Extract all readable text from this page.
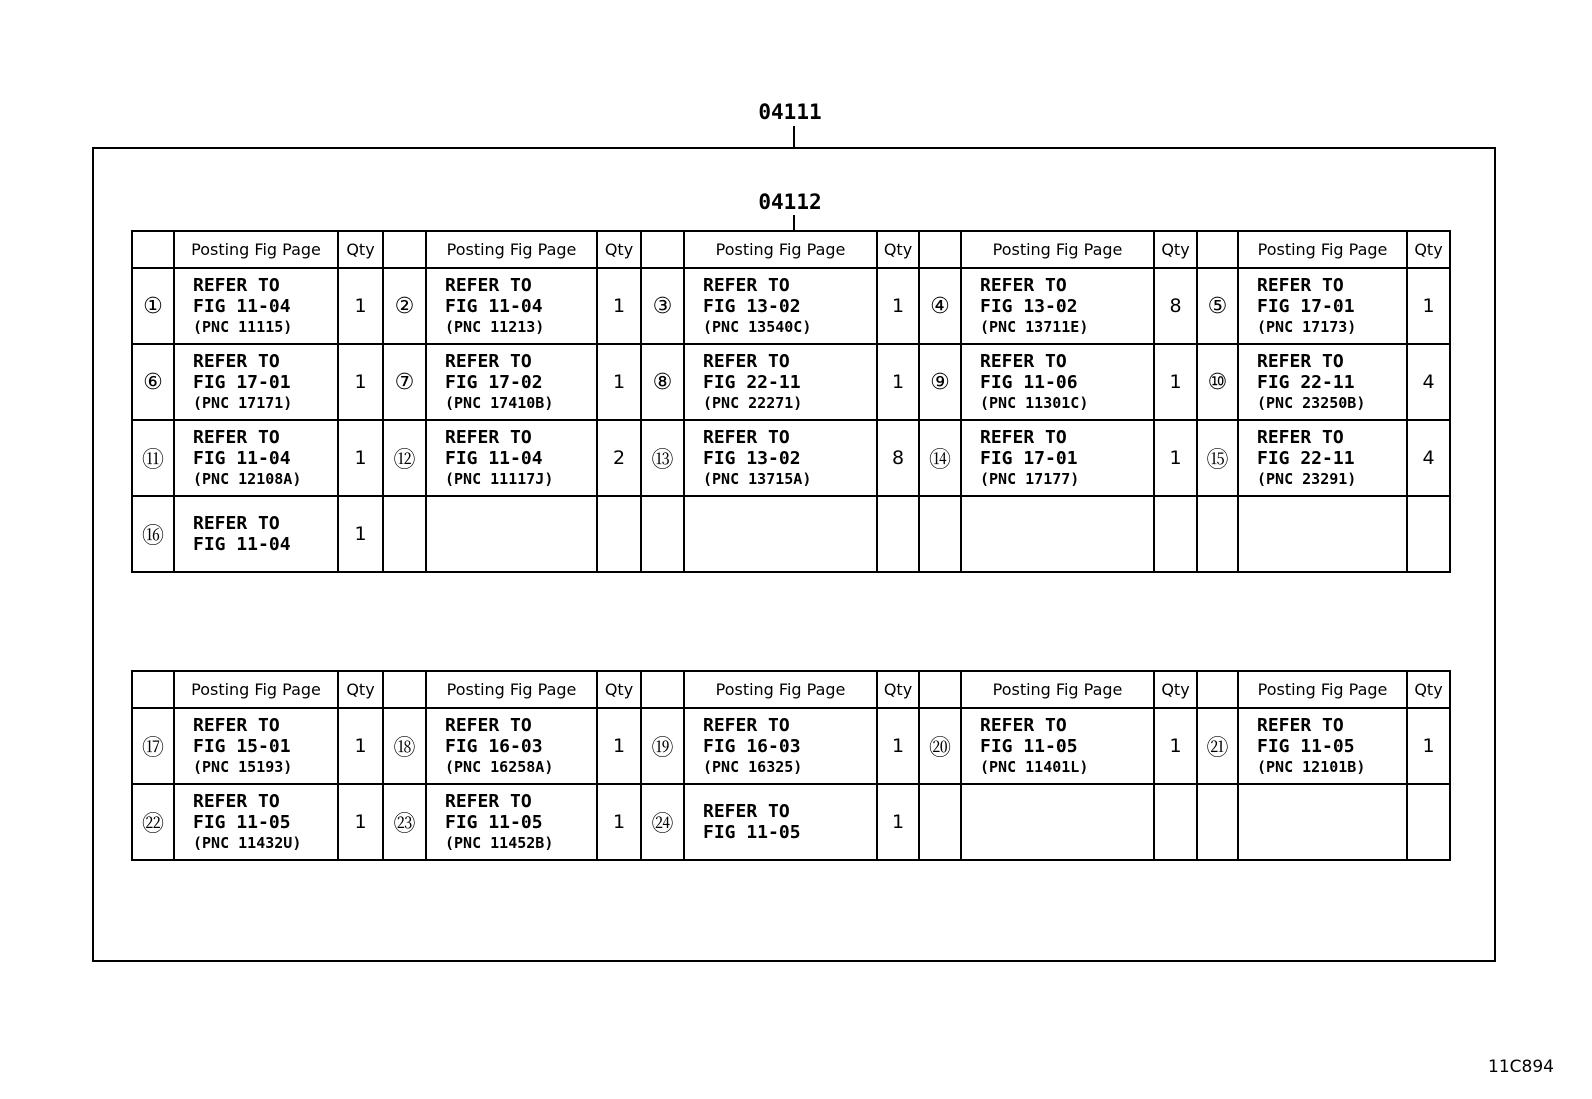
04111
04112
	Posting Fig Page	Qty		Posting Fig Page	Qty		Posting Fig Page	Qty		Posting Fig Page	Qty		Posting Fig Page	Qty
①	REFER TO
FIG 11-04
(PNC 11115)	1	②	REFER TO
FIG 11-04
(PNC 11213)	1	③	REFER TO
FIG 13-02
(PNC 13540C)	1	④	REFER TO
FIG 13-02
(PNC 13711E)	8	⑤	REFER TO
FIG 17-01
(PNC 17173)	1
⑥	REFER TO
FIG 17-01
(PNC 17171)	1	⑦	REFER TO
FIG 17-02
(PNC 17410B)	1	⑧	REFER TO
FIG 22-11
(PNC 22271)	1	⑨	REFER TO
FIG 11-06
(PNC 11301C)	1	⑩	REFER TO
FIG 22-11
(PNC 23250B)	4
⑪	REFER TO
FIG 11-04
(PNC 12108A)	1	⑫	REFER TO
FIG 11-04
(PNC 11117J)	2	⑬	REFER TO
FIG 13-02
(PNC 13715A)	8	⑭	REFER TO
FIG 17-01
(PNC 17177)	1	⑮	REFER TO
FIG 22-11
(PNC 23291)	4
⑯	REFER TO
FIG 11-04	1		

	Posting Fig Page	Qty		Posting Fig Page	Qty		Posting Fig Page	Qty		Posting Fig Page	Qty		Posting Fig Page	Qty
⑰	REFER TO
FIG 15-01
(PNC 15193)	1	⑱	REFER TO
FIG 16-03
(PNC 16258A)	1	⑲	REFER TO
FIG 16-03
(PNC 16325)	1	⑳	REFER TO
FIG 11-05
(PNC 11401L)	1	㉑	REFER TO
FIG 11-05
(PNC 12101B)	1
㉒	REFER TO
FIG 11-05
(PNC 11432U)	1	㉓	REFER TO
FIG 11-05
(PNC 11452B)	1	㉔	REFER TO
FIG 11-05	1		

11C894
